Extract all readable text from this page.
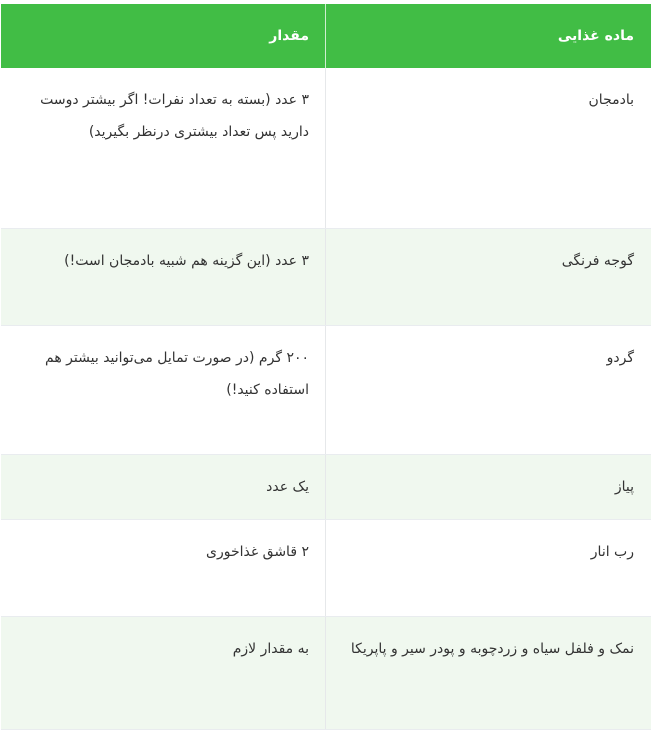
ماده غذایی
مقدار
بادمجان
۳ عدد (بسته به تعداد نفرات! اگر بیشتر دوست دارید پس تعداد بیشتری درنظر بگیرید)
گوجه فرنگی
۳ عدد (این گزینه هم شبیه بادمجان است!)
گردو
۲۰۰ گرم (در صورت تمایل می‌توانید بیشتر هم استفاده کنید!)
پیاز
یک عدد
رب انار
۲ قاشق غذاخوری
نمک و فلفل سیاه و زردچوبه و پودر سیر و پاپریکا
به مقدار لازم
